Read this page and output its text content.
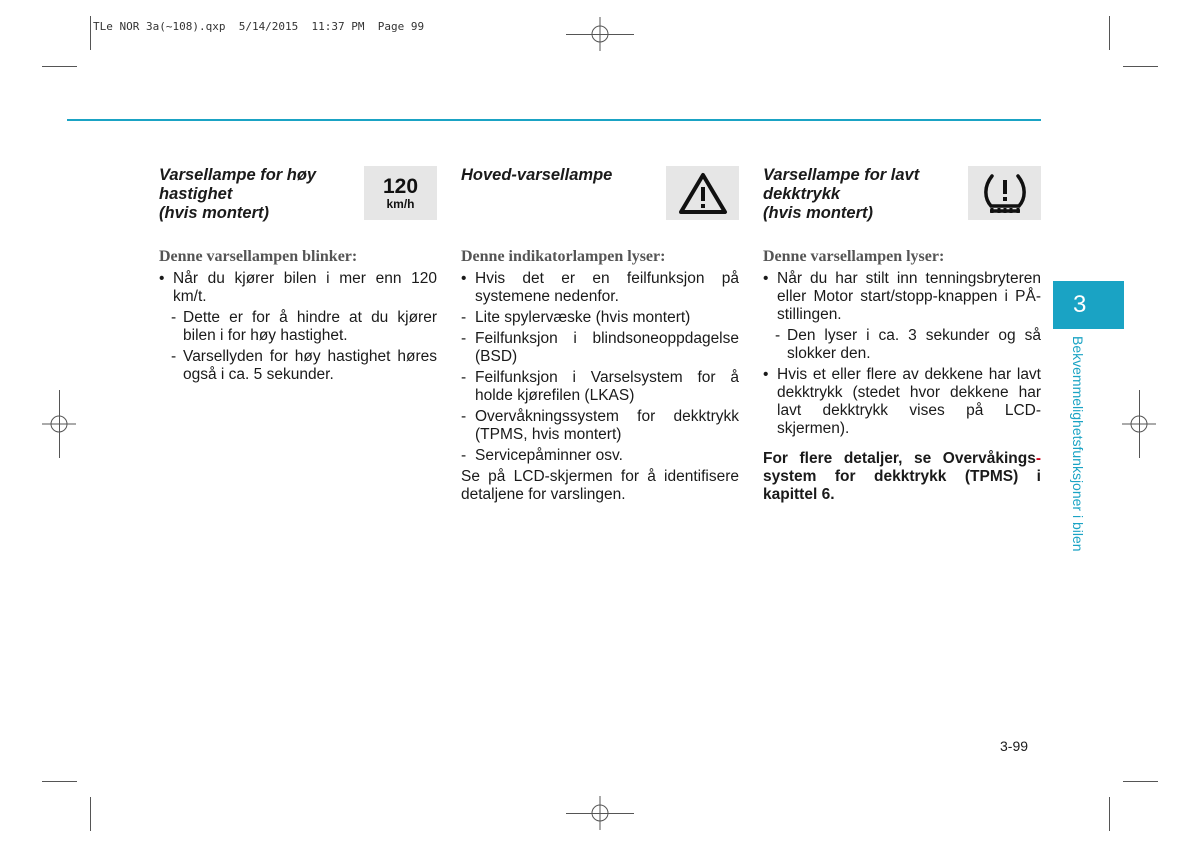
TLe NOR 3a(~108).qxp  5/14/2015  11:37 PM  Page 99
Varsellampe for høy
hastighet
(hvis montert)
120
km/h
Denne varsellampen blinker:
• Når du kjører bilen i mer enn 120 km/t.
- Dette er for å hindre at du kjører bilen i for høy hastighet.
- Varsellyden for høy hastighet høres også i ca. 5 sekunder.
Hoved-varsellampe
Denne indikatorlampen lyser:
• Hvis det er en feilfunksjon på systemene nedenfor.
- Lite spylervæske (hvis montert)
- Feilfunksjon i blindsoneoppdagelse (BSD)
- Feilfunksjon i Varselsystem for å holde kjørefilen (LKAS)
- Overvåkningssystem for dekktrykk (TPMS, hvis montert)
- Servicepåminner osv.
Se på LCD-skjermen for å identifisere detaljene for varslingen.
Varsellampe for lavt
dekktrykk
(hvis montert)
Denne varsellampen lyser:
• Når du har stilt inn tenningsbryteren eller Motor start/stopp-knappen i PÅ-stillingen.
- Den lyser i ca. 3 sekunder og så slokker den.
• Hvis et eller flere av dekkene har lavt dekktrykk (stedet hvor dekkene har lavt dekktrykk vises på LCD- skjermen).
For flere detaljer, se Overvåkings- system for dekktrykk (TPMS) i kapittel 6.
3
Bekvemmelighetsfunksjoner i bilen
3-99
